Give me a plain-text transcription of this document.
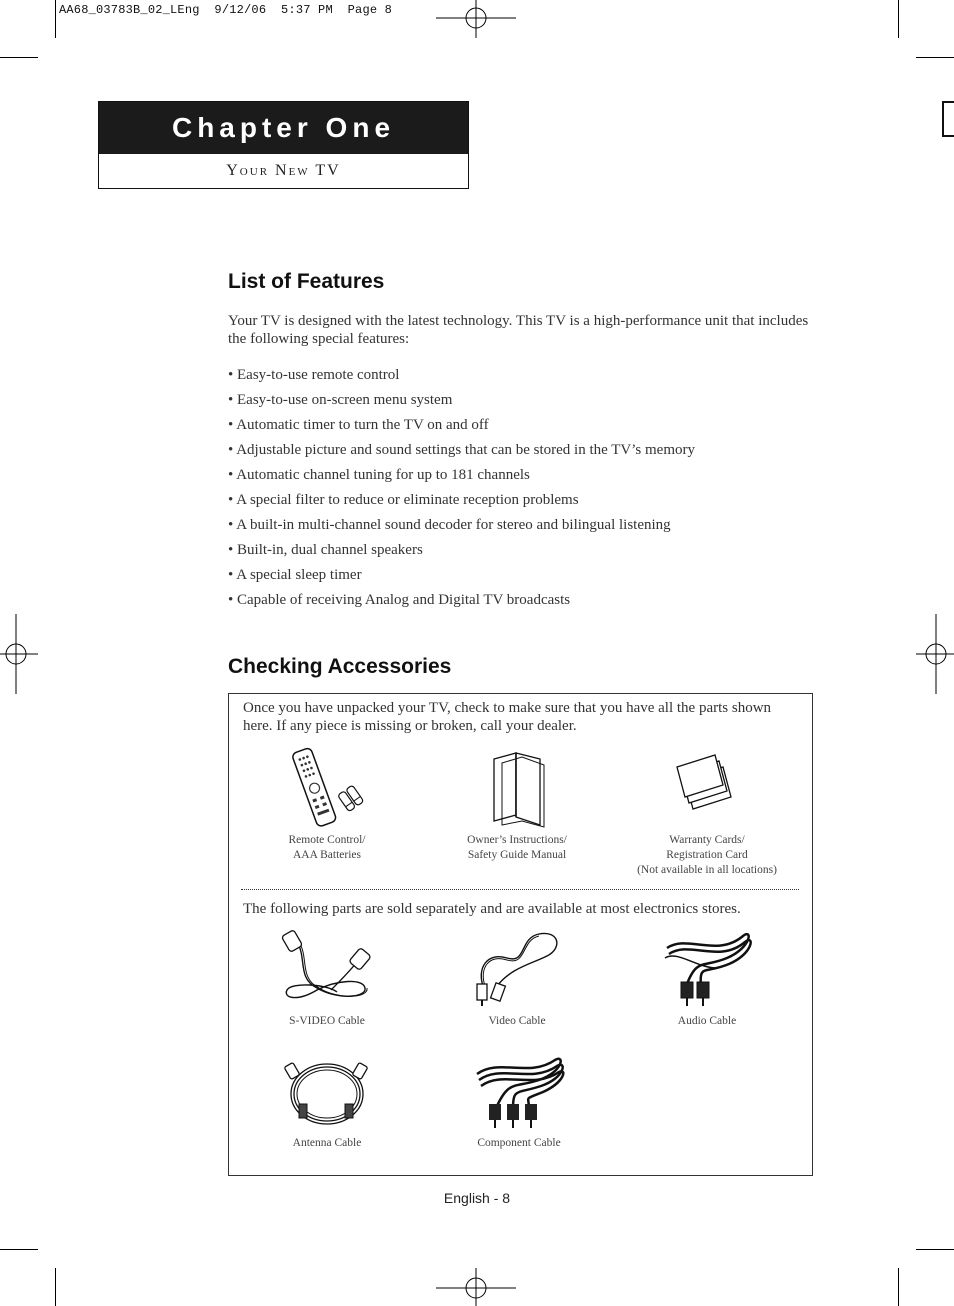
AA68_03783B_02_LEng  9/12/06  5:37 PM  Page 8
Chapter One
Your New TV
List of Features

Your TV is designed with the latest technology. This TV is a high-performance unit that includes the following special features:

• Easy-to-use remote control
• Easy-to-use on-screen menu system
• Automatic timer to turn the TV on and off
• Adjustable picture and sound settings that can be stored in the TV’s memory
• Automatic channel tuning for up to 181 channels
• A special filter to reduce or eliminate reception problems
• A built-in multi-channel sound decoder for stereo and bilingual listening
• Built-in, dual channel speakers
• A special sleep timer
• Capable of receiving Analog and Digital TV broadcasts
Checking Accessories

Once you have unpacked your TV, check to make sure that you have all the parts shown here. If any piece is missing or broken, call your dealer.

Remote Control/
AAA Batteries
Owner’s Instructions/
Safety Guide Manual
Warranty Cards/
Registration Card
(Not available in all locations)

The following parts are sold separately and are available at most electronics stores.

S-VIDEO Cable	Video Cable	Audio Cable
Antenna Cable	Component Cable
English - 8
